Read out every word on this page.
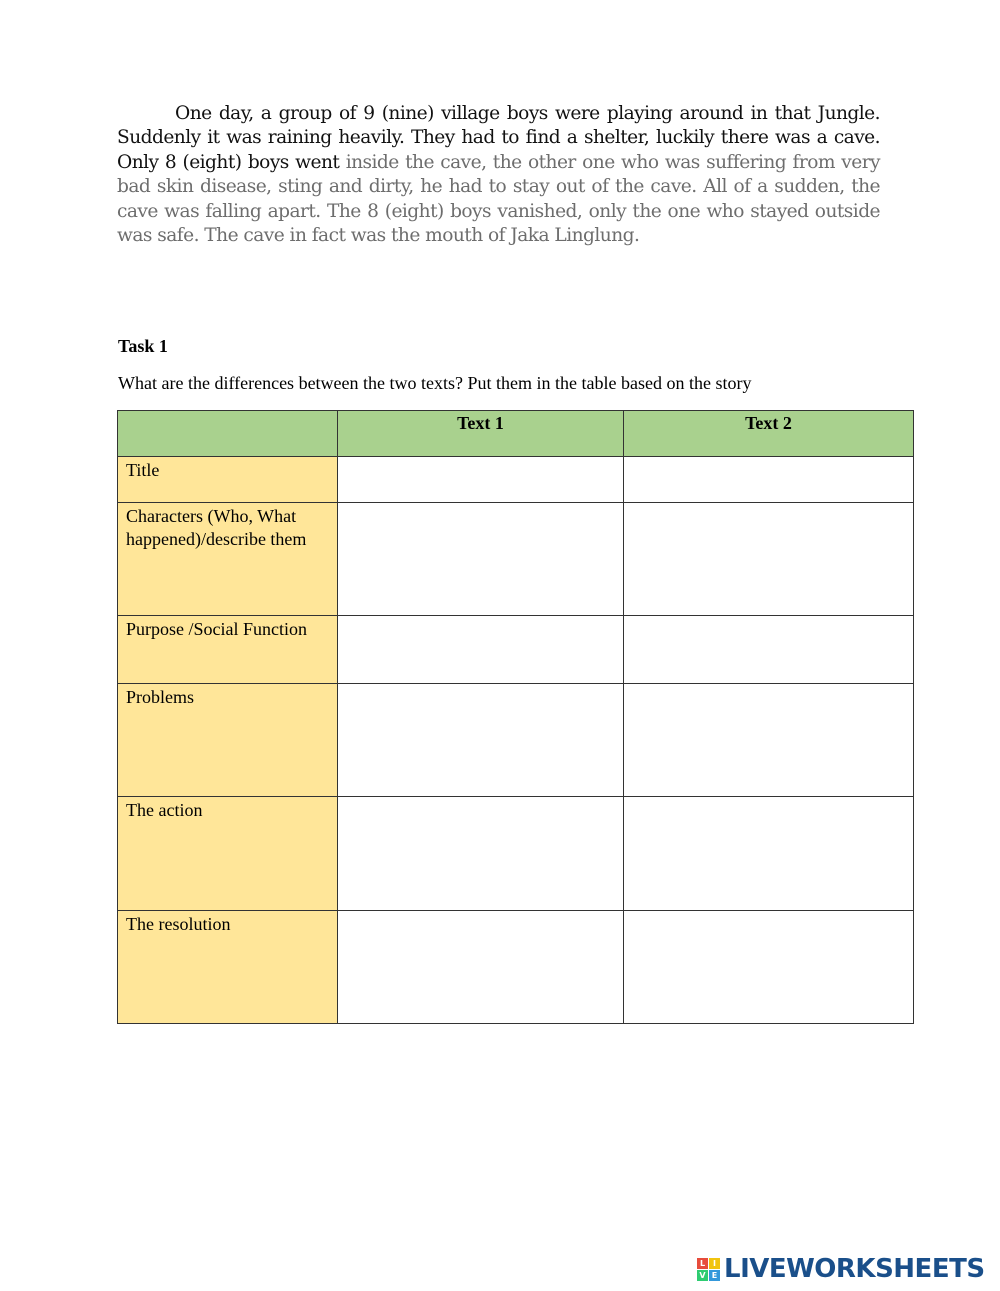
One day, a group of 9 (nine) village boys were playing around in that Jungle. Suddenly it was raining heavily. They had to find a shelter, luckily there was a cave. Only 8 (eight) boys went inside the cave, the other one who was suffering from very bad skin disease, sting and dirty, he had to stay out of the cave. All of a sudden, the cave was falling apart. The 8 (eight) boys vanished, only the one who stayed outside was safe. The cave in fact was the mouth of Jaka Linglung.

Task 1

What are the differences between the two texts? Put them in the table based on the story

	Text 1	Text 2
Title		
Characters (Who, What happened)/describe them		
Purpose /Social Function		
Problems		
The action		
The resolution		
L I
V E LIVEWORKSHEETS
